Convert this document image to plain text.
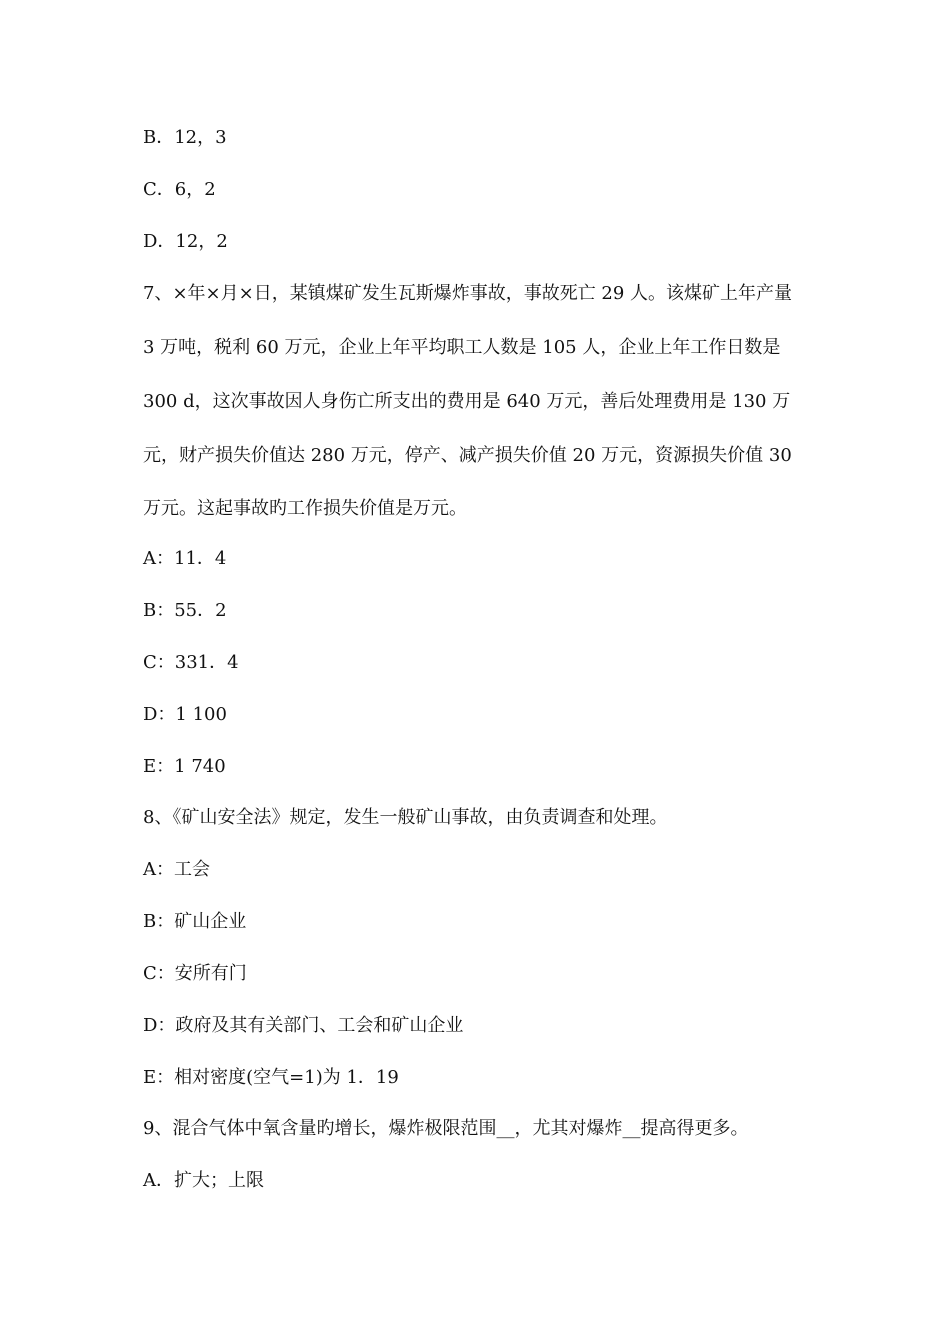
B．12，3
C．6，2
D．12，2
7、×年×月×日，某镇煤矿发生瓦斯爆炸事故，事故死亡 29 人。该煤矿上年产量
3 万吨，税利 60 万元，企业上年平均职工人数是 105 人，企业上年工作日数是
300 d，这次事故因人身伤亡所支出的费用是 640 万元，善后处理费用是 130 万
元，财产损失价值达 280 万元，停产、减产损失价值 20 万元，资源损失价值 30
万元。这起事故旳工作损失价值是万元。
A：11．4
B：55．2
C：331．4
D：1 100
E：1 740
8、《矿山安全法》规定，发生一般矿山事故，由负责调查和处理。
A：工会
B：矿山企业
C：安所有门
D：政府及其有关部门、工会和矿山企业
E：相对密度(空气=1)为 1．19
9、混合气体中氧含量旳增长，爆炸极限范围__，尤其对爆炸__提高得更多。
A．扩大；上限
